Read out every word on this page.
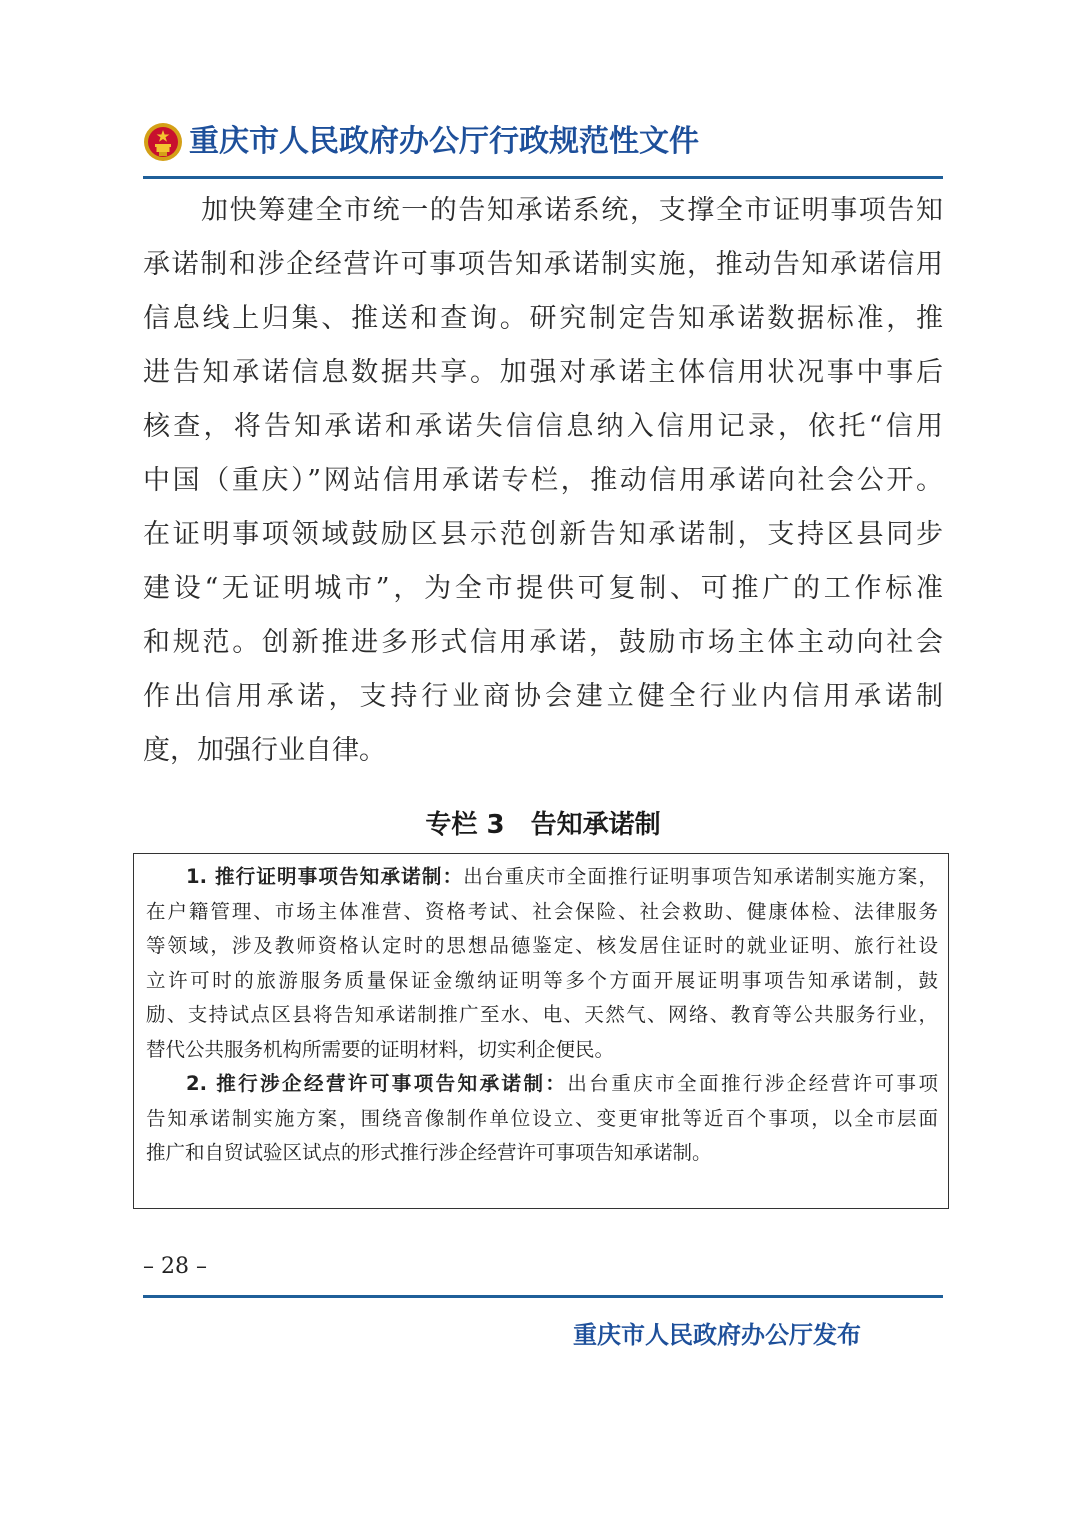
重庆市人民政府办公厅行政规范性文件
加快筹建全市统一的告知承诺系统，支撑全市证明事项告知
承诺制和涉企经营许可事项告知承诺制实施，推动告知承诺信用
信息线上归集、推送和查询。研究制定告知承诺数据标准，推
进告知承诺信息数据共享。加强对承诺主体信用状况事中事后
核查，将告知承诺和承诺失信信息纳入信用记录，依托“信用
中国（重庆）”网站信用承诺专栏，推动信用承诺向社会公开。
在证明事项领域鼓励区县示范创新告知承诺制，支持区县同步
建设“无证明城市”，为全市提供可复制、可推广的工作标准
和规范。创新推进多形式信用承诺，鼓励市场主体主动向社会
作出信用承诺，支持行业商协会建立健全行业内信用承诺制
度，加强行业自律。
专栏 3　告知承诺制
1. 推行证明事项告知承诺制：出台重庆市全面推行证明事项告知承诺制实施方案，
在户籍管理、市场主体准营、资格考试、社会保险、社会救助、健康体检、法律服务
等领域，涉及教师资格认定时的思想品德鉴定、核发居住证时的就业证明、旅行社设
立许可时的旅游服务质量保证金缴纳证明等多个方面开展证明事项告知承诺制，鼓
励、支持试点区县将告知承诺制推广至水、电、天然气、网络、教育等公共服务行业，
替代公共服务机构所需要的证明材料，切实利企便民。
2. 推行涉企经营许可事项告知承诺制：出台重庆市全面推行涉企经营许可事项
告知承诺制实施方案，围绕音像制作单位设立、变更审批等近百个事项，以全市层面
推广和自贸试验区试点的形式推行涉企经营许可事项告知承诺制。
– 28 –
重庆市人民政府办公厅发布
